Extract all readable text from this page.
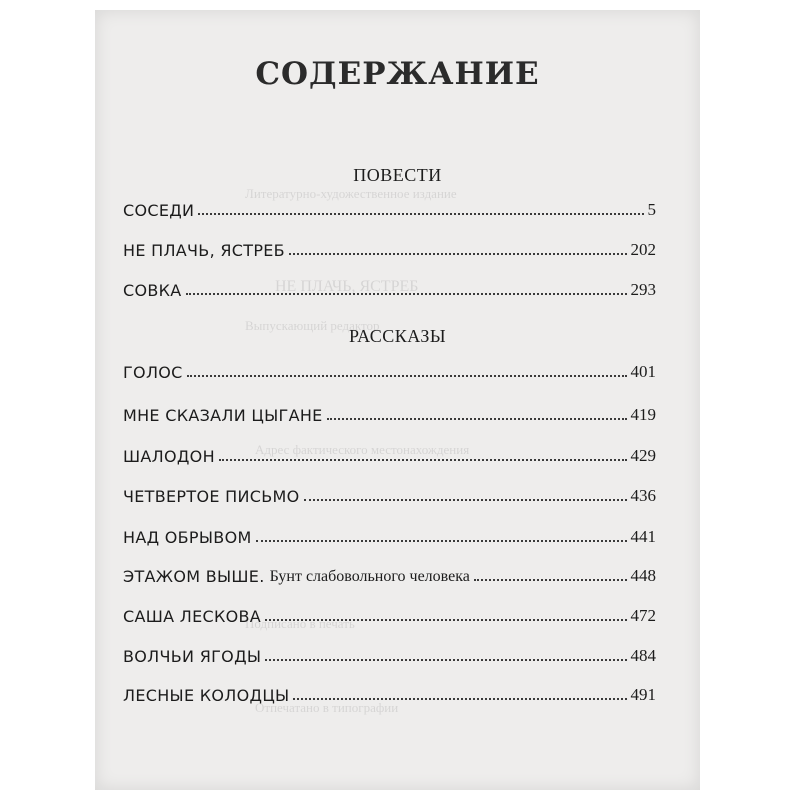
Литературно-художественное издание
НЕ ПЛАЧЬ, ЯСТРЕБ
Выпускающий редактор
Адрес фактического местонахождения
Подписано в печать
Отпечатано в типографии
СОДЕРЖАНИЕ
ПОВЕСТИ
СОСЕДИ	5
НЕ ПЛАЧЬ, ЯСТРЕБ	202
СОВКА	293
РАССКАЗЫ
ГОЛОС	401
МНЕ СКАЗАЛИ ЦЫГАНЕ	419
ШАЛОДОН	429
ЧЕТВЕРТОЕ ПИСЬМО	436
НАД ОБРЫВОМ	441
ЭТАЖОМ ВЫШЕ. Бунт слабовольного человека	448
САША ЛЕСКОВА	472
ВОЛЧЬИ ЯГОДЫ	484
ЛЕСНЫЕ КОЛОДЦЫ	491
